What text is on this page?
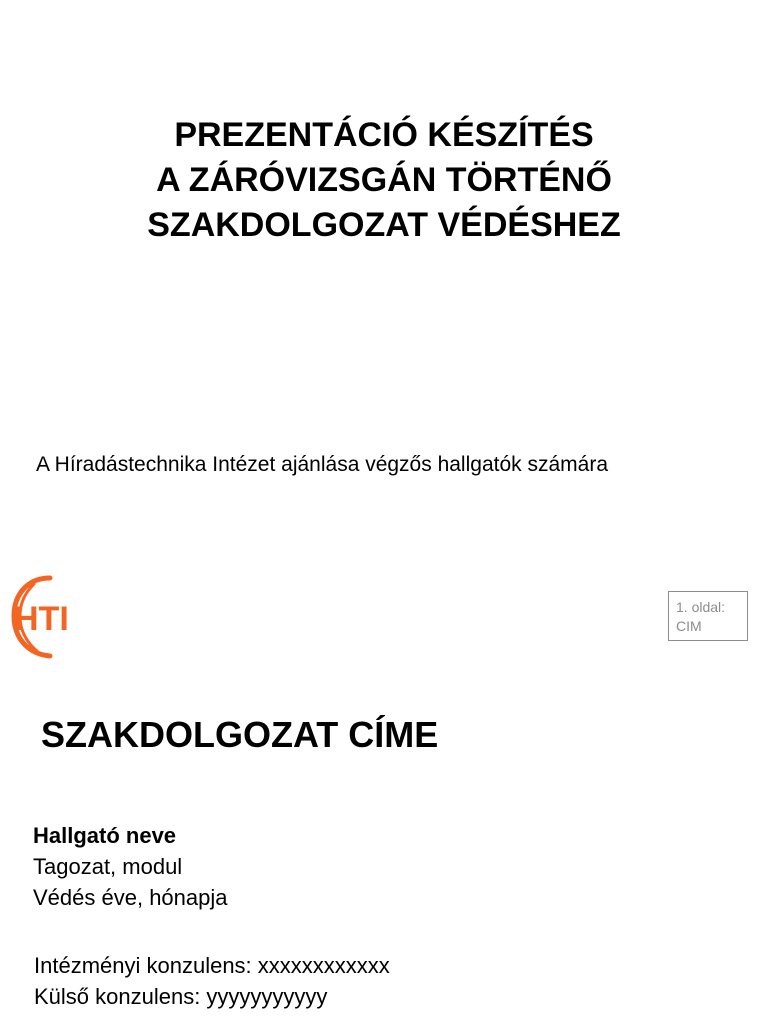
PREZENTÁCIÓ KÉSZÍTÉS
A ZÁRÓVIZSGÁN TÖRTÉNŐ
SZAKDOLGOZAT VÉDÉSHEZ

A Híradástechnika Intézet ajánlása végzős hallgatók számára

HTI	1. oldal:
CIM
SZAKDOLGOZAT CÍME
Hallgató neve
Tagozat, modul
Védés éve, hónapja
Intézményi konzulens: xxxxxxxxxxxx
Külső konzulens: yyyyyyyyyyy
